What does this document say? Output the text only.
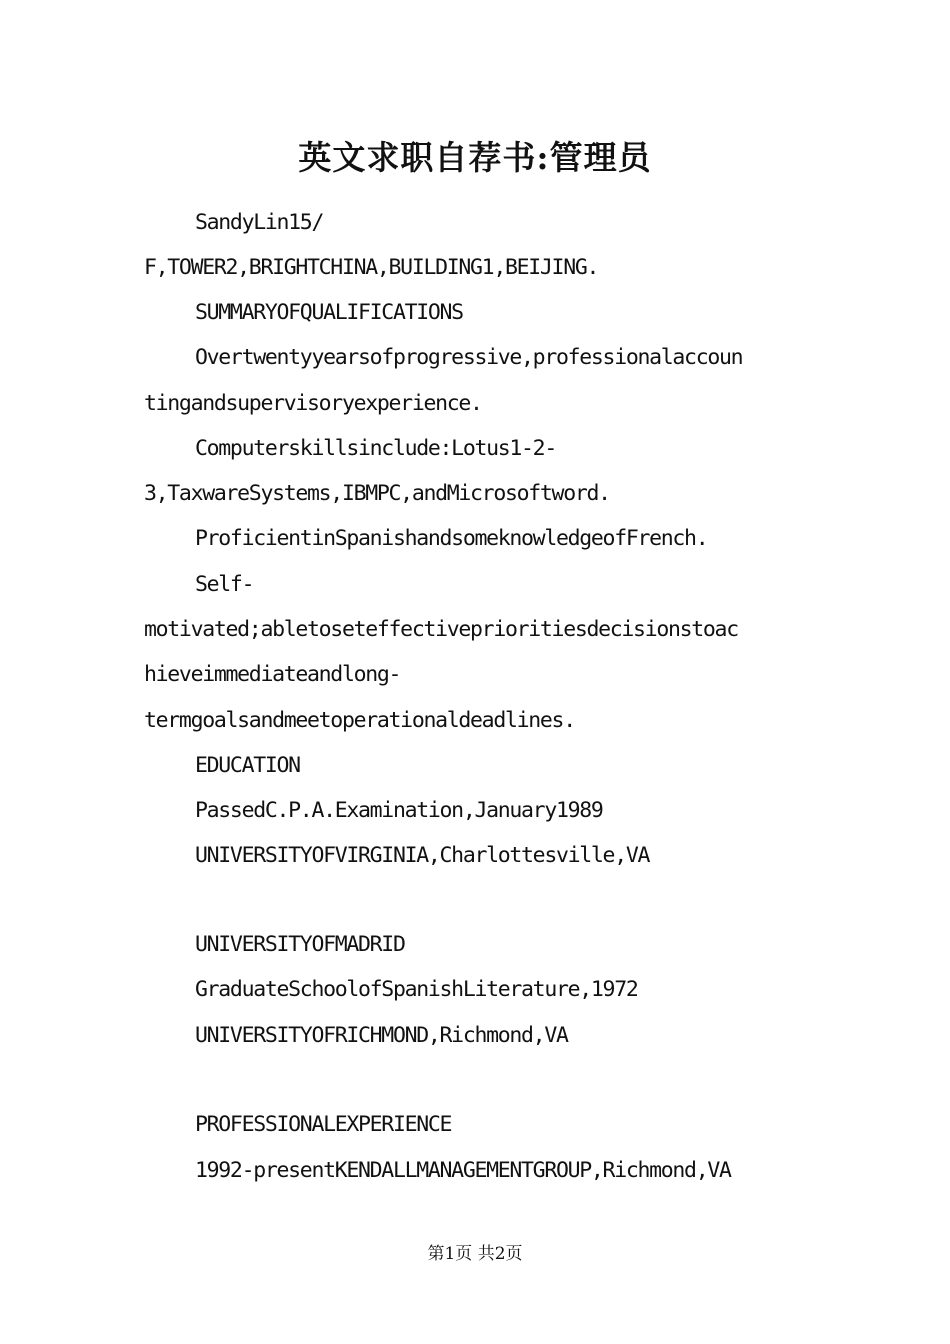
英文求职自荐书:管理员

SandyLin15/

F,TOWER2,BRIGHTCHINA,BUILDING1,BEIJING.

SUMMARYOFQUALIFICATIONS

Overtwentyyearsofprogressive,professionalaccoun

tingandsupervisoryexperience.

Computerskillsinclude:Lotus1-2-

3,TaxwareSystems,IBMPC,andMicrosoftword.

ProficientinSpanishandsomeknowledgeofFrench.

Self-

motivated;abletoseteffectiveprioritiesdecisionstoac

hieveimmediateandlong-

termgoalsandmeetoperationaldeadlines.

EDUCATION

PassedC.P.A.Examination,January1989

UNIVERSITYOFVIRGINIA,Charlottesville,VA

UNIVERSITYOFMADRID

GraduateSchoolofSpanishLiterature,1972

UNIVERSITYOFRICHMOND,Richmond,VA

PROFESSIONALEXPERIENCE

1992-presentKENDALLMANAGEMENTGROUP,Richmond,VA

第1页 共2页
